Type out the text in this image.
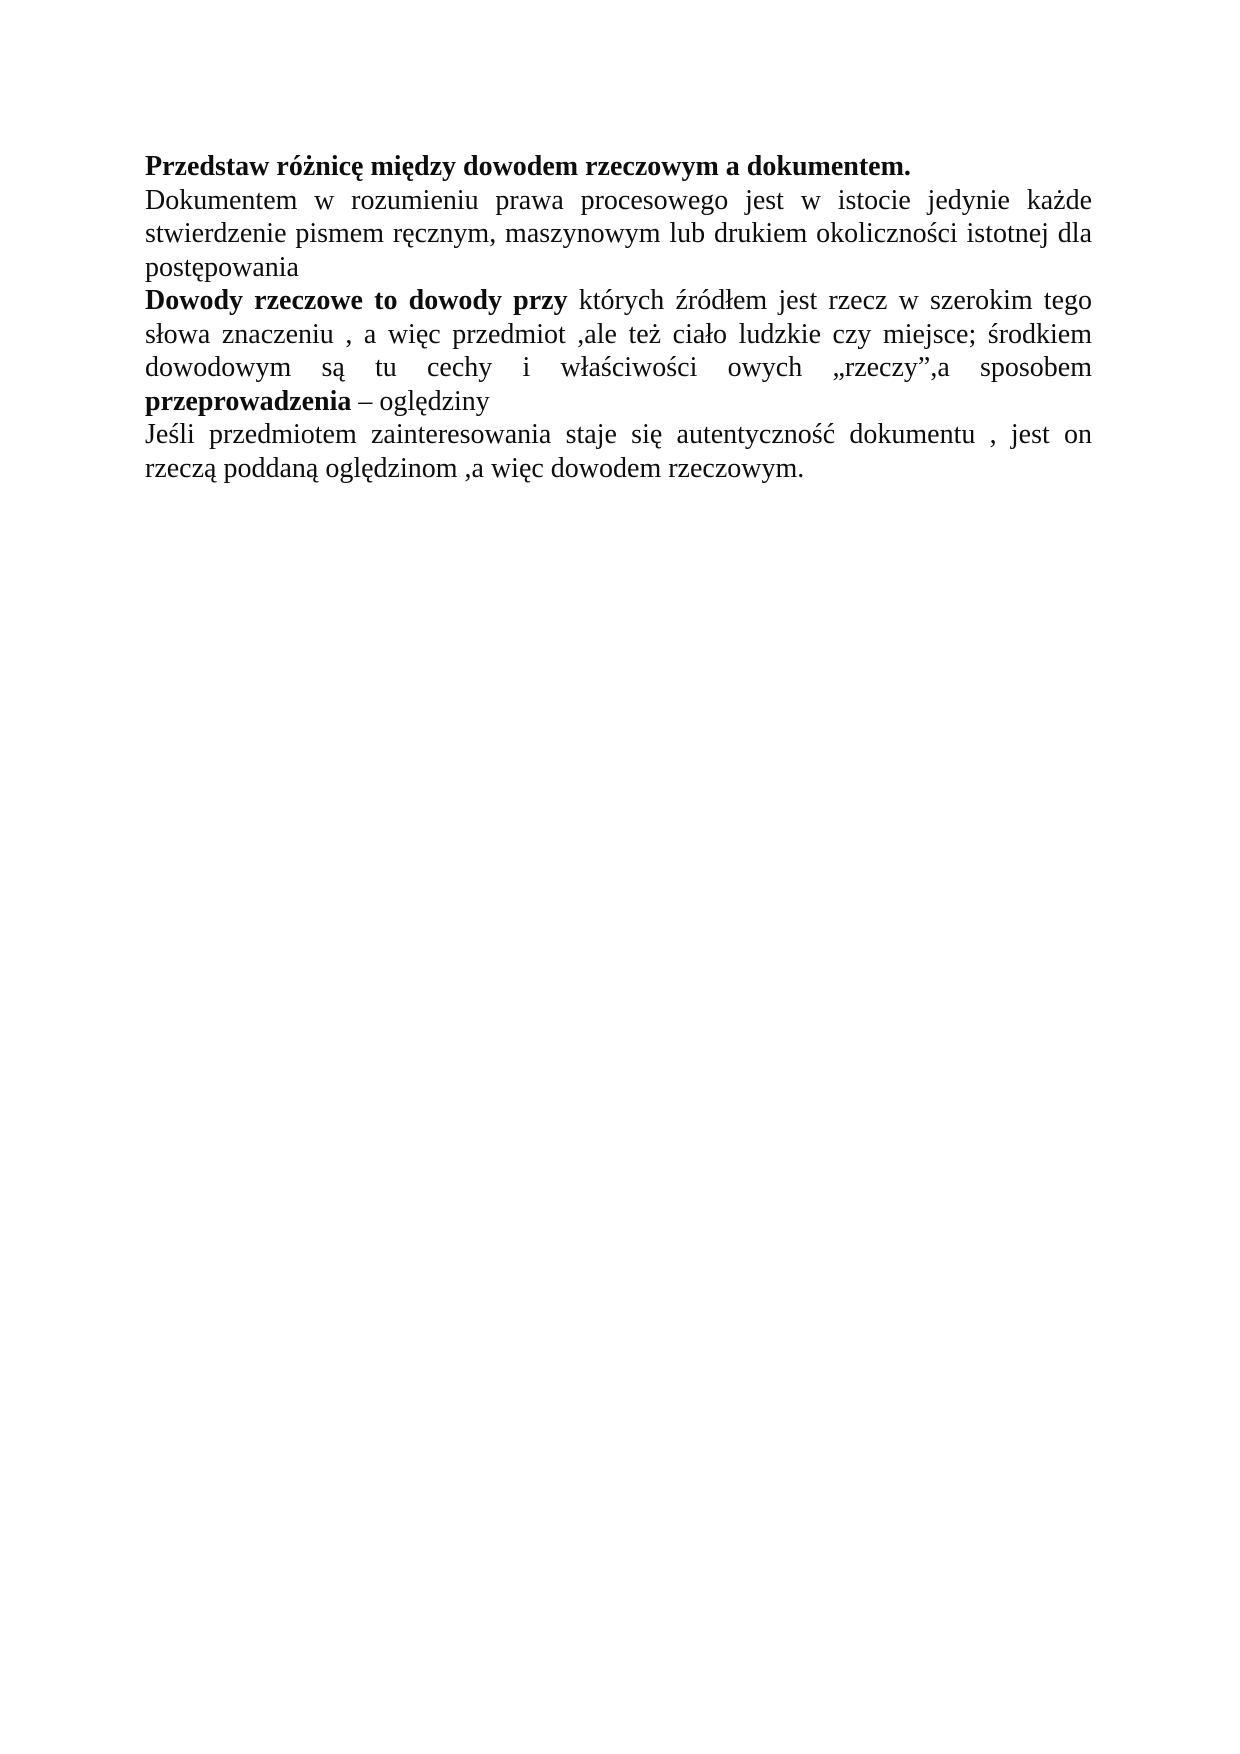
Przedstaw różnicę między dowodem rzeczowym a dokumentem.

Dokumentem w rozumieniu prawa procesowego jest w istocie jedynie każde stwierdzenie pismem ręcznym, maszynowym lub drukiem okoliczności istotnej dla postępowania

Dowody rzeczowe to dowody przy których źródłem jest rzecz w szerokim tego słowa znaczeniu , a więc przedmiot ,ale też ciało ludzkie czy miejsce; środkiem dowodowym są tu cechy i właściwości owych „rzeczy”,a sposobem przeprowadzenia – oględziny

Jeśli przedmiotem zainteresowania staje się autentyczność dokumentu , jest on rzeczą poddaną oględzinom ,a więc dowodem rzeczowym.
